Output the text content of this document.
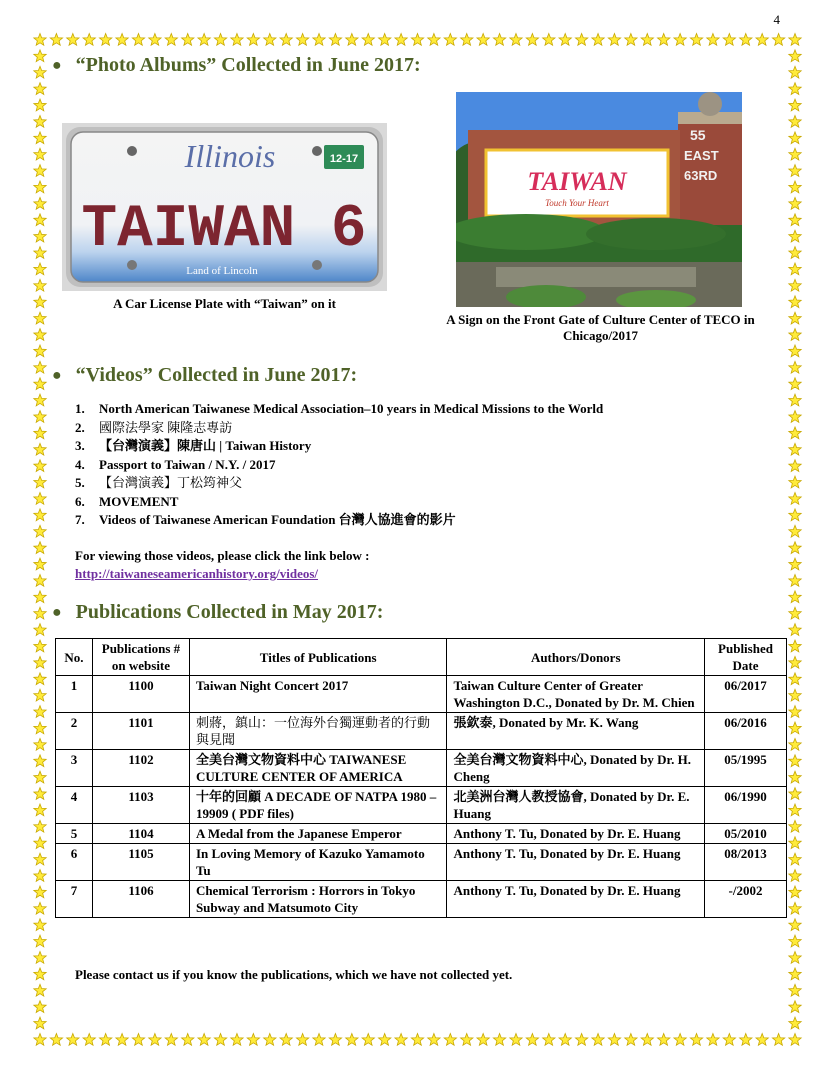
4
● “Photo Albums” Collected in June 2017:
Illinois	12-17
TAIWAN 6
Land of Lincoln
A Car License Plate with “Taiwan” on it
55
EAST
63RD
TAIWAN
Touch Your Heart
A Sign on the Front Gate of Culture Center of TECO in
Chicago/2017
● “Videos” Collected in June 2017:
1.	North American Taiwanese Medical Association–10 years in Medical Missions to the World
2.	國際法學家 陳隆志專訪
3.	【台灣演義】陳唐山 | Taiwan History
4.	Passport to Taiwan / N.Y. / 2017
5.	【台灣演義】丁松筠神父
6.	MOVEMENT
7.	Videos of Taiwanese American Foundation 台灣人協進會的影片
For viewing those videos, please click the link below :
http://taiwaneseamericanhistory.org/videos/
● Publications Collected in May 2017:
No.	Publications # on website	Titles of Publications	Authors/Donors	Published Date
1	1100	Taiwan Night Concert 2017	Taiwan Culture Center of Greater Washington D.C., Donated by Dr. M. Chien	06/2017
2	1101	刺蔣，鎮山：一位海外台獨運動者的行動與見聞	張欽泰, Donated by Mr. K. Wang	06/2016
3	1102	全美台灣文物資料中心 TAIWANESE CULTURE CENTER OF AMERICA	全美台灣文物資料中心, Donated by Dr. H. Cheng	05/1995
4	1103	十年的回顧 A DECADE OF NATPA 1980 – 19909 ( PDF files)	北美洲台灣人教授協會, Donated by Dr. E. Huang	06/1990
5	1104	A Medal from the Japanese Emperor	Anthony T. Tu, Donated by Dr. E. Huang	05/2010
6	1105	In Loving Memory of Kazuko Yamamoto Tu	Anthony T. Tu, Donated by Dr. E. Huang	08/2013
7	1106	Chemical Terrorism : Horrors in Tokyo Subway and Matsumoto City	Anthony T. Tu, Donated by Dr. E. Huang	-/2002
Please contact us if you know the publications, which we have not collected yet.
